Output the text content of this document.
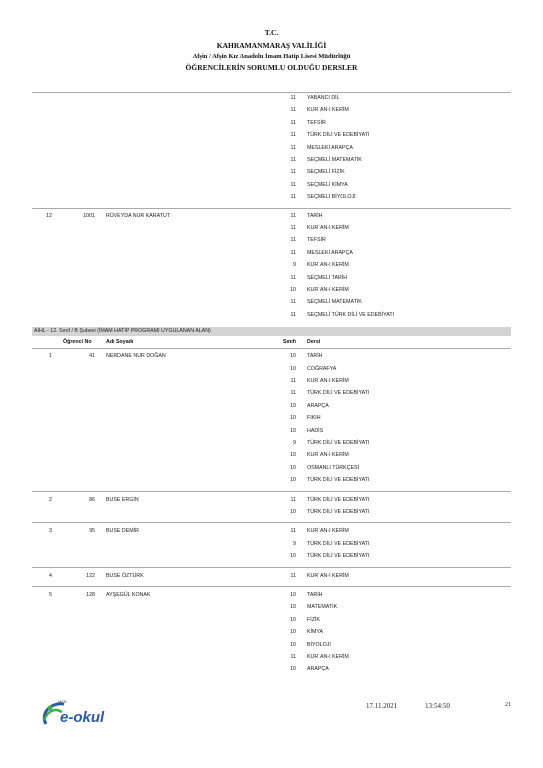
T.C.
KAHRAMANMARAŞ VALİLİĞİ
Afşin / Afşin Kız Anadolu İmam Hatip Lisesi Müdürlüğü
ÖĞRENCİLERİN SORUMLU OLDUĞU DERSLER
11 YABANCI DİL
11 KUR`AN-I KERİM
11 TEFSİR
11 TÜRK DİLİ VE EDEBİYATI
11 MESLEKİ ARAPÇA
11 SEÇMELİ MATEMATİK
11 SEÇMELİ FİZİK
11 SEÇMELİ KİMYA
11 SEÇMELİ BİYOLOJİ
12	1001 RÜVEYDA NUR KARATUT	11 TARİH
11 KUR`AN-I KERİM
11 TEFSİR
11 MESLEKİ ARAPÇA
9 KUR`AN-I KERİM
11 SEÇMELİ TARİH
10 KUR`AN-I KERİM
11 SEÇMELİ MATEMATİK
11 SEÇMELİ TÜRK DİLİ VE EDEBİYATI
AİHL - 12. Sınıf / B Şubesi (İMAM HATİP PROGRAMI UYGULANAN ALAN)
Öğrenci No	Adı Soyadı	Sınıfı Dersi
1	41 NERDANE NUR DOĞAN	10 TARİH
10 COĞRAFYA
11 KUR`AN-I KERİM
11 TÜRK DİLİ VE EDEBİYATI
10 ARAPÇA
10 FIKIH
10 HADİS
9 TÜRK DİLİ VE EDEBİYATI
10 KUR`AN-I KERİM
10 OSMANLI TÜRKÇESİ
10 TÜRK DİLİ VE EDEBİYATI
2	86 BUSE ERGİN	11 TÜRK DİLİ VE EDEBİYATI
10 TÜRK DİLİ VE EDEBİYATI
3	95 BUSE DEMİR	11 KUR`AN-I KERİM
9 TÜRK DİLİ VE EDEBİYATI
10 TÜRK DİLİ VE EDEBİYATI
4	122 BUSE ÖZTÜRK	11 KUR`AN-I KERİM
5	128 AYŞEGÜL KONAK	10 TARİH
10 MATEMATİK
10 FİZİK
10 KİMYA
10 BİYOLOJİ
11 KUR`AN-I KERİM
10 ARAPÇA
MEB
e-okul
17.11.2021	13:54:50	21
